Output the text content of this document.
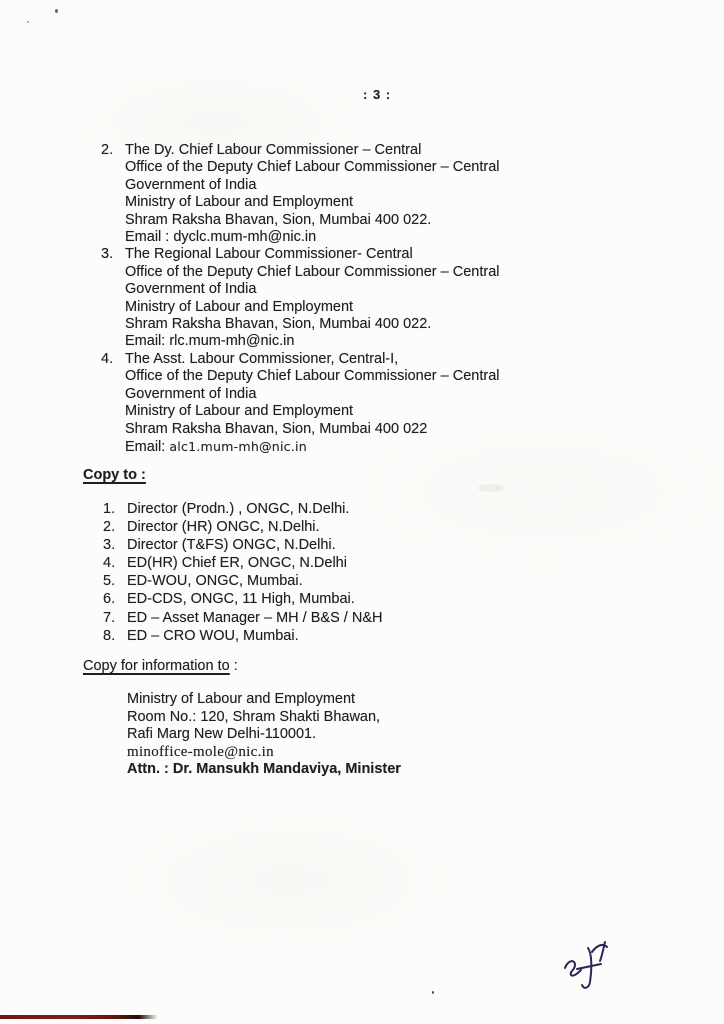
: 3 :
2. The Dy. Chief Labour Commissioner – Central
Office of the Deputy Chief Labour Commissioner – Central
Government of India
Ministry of Labour and Employment
Shram Raksha Bhavan, Sion, Mumbai 400 022.
Email : dyclc.mum-mh@nic.in
3. The Regional Labour Commissioner- Central
Office of the Deputy Chief Labour Commissioner – Central
Government of India
Ministry of Labour and Employment
Shram Raksha Bhavan, Sion, Mumbai 400 022.
Email: rlc.mum-mh@nic.in
4. The Asst. Labour Commissioner, Central-I,
Office of the Deputy Chief Labour Commissioner – Central
Government of India
Ministry of Labour and Employment
Shram Raksha Bhavan, Sion, Mumbai 400 022
Email: alc1.mum-mh@nic.in
Copy to :
1. Director (Prodn.) , ONGC, N.Delhi.
2. Director (HR) ONGC, N.Delhi.
3. Director (T&FS) ONGC, N.Delhi.
4. ED(HR) Chief ER, ONGC, N.Delhi
5. ED-WOU, ONGC, Mumbai.
6. ED-CDS, ONGC, 11 High, Mumbai.
7. ED – Asset Manager – MH / B&S / N&H
8. ED – CRO WOU, Mumbai.
Copy for information to :
Ministry of Labour and Employment
Room No.: 120, Shram Shakti Bhawan,
Rafi Marg New Delhi-110001.
minoffice-mole@nic.in
Attn. : Dr. Mansukh Mandaviya, Minister
